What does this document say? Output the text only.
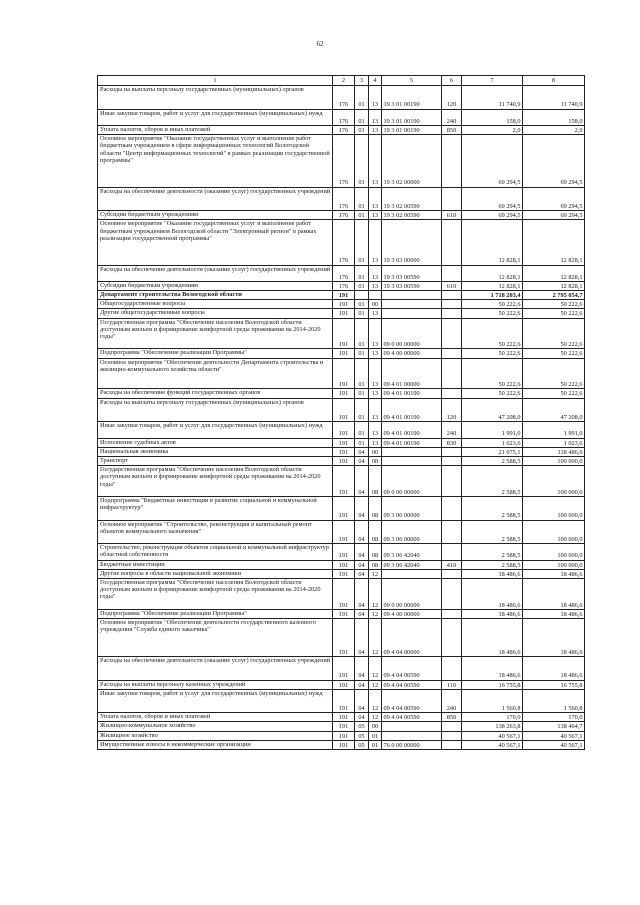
62
1	2	3	4	5	6	7	8
Расходы на выплаты персоналу государственных (муниципальных) органов	176	01	13	19 3 01 00190	120	11 740,9	11 740,9
Иные закупки товаров, работ и услуг для государственных (муниципальных) нужд	176	01	13	19 3 01 00190	240	158,0	158,0
Уплата налогов, сборов и иных платежей	176	01	13	19 3 01 00190	850	2,0	2,0
Основное мероприятие "Оказание государственных услуг и выполнение работ бюджетным учреждением в сфере информационных технологий Вологодской области "Центр информационных технологий" в рамках реализации государственной программы"	176	01	13	19 3 02 00000		69 294,5	69 294,5
Расходы на обеспечение деятельности (оказание услуг) государственных учреждений	176	01	13	19 3 02 00590		69 294,5	69 294,5
Субсидии бюджетным учреждениям	176	01	13	19 3 02 00590	610	69 294,5	69 294,5
Основное мероприятие "Оказание государственных услуг и выполнение работ бюджетным учреждением Вологодской области "Электронный регион" в рамках реализации государственной программы"	176	01	13	19 3 03 00000		12 828,1	12 828,1
Расходы на обеспечение деятельности (оказание услуг) государственных учреждений	176	01	13	19 3 03 00590		12 828,1	12 828,1
Субсидии бюджетным учреждениям	176	01	13	19 3 03 00590	610	12 828,1	12 828,1
Департамент строительства Вологодской области	191					1 718 203,4	2 795 054,7
Общегосударственные вопросы	191	01	00			50 222,6	50 222,6
Другие общегосударственные вопросы	191	01	13			50 222,6	50 222,6
Государственная программа "Обеспечение населения Вологодской области доступным жильем и формирование комфортной среды проживания на 2014-2020 годы"	191	01	13	09 0 00 00000		50 222,6	50 222,6
Подпрограмма "Обеспечение реализации Программы"	191	01	13	09 4 00 00000		50 222,6	50 222,6
Основное мероприятие "Обеспечение деятельности Департамента строительства и жилищно-коммунального хозяйства области"	191	01	13	09 4 01 00000		50 222,6	50 222,6
Расходы на обеспечение функций государственных органов	191	01	13	09 4 01 00190		50 222,6	50 222,6
Расходы на выплаты персоналу государственных (муниципальных) органов	191	01	13	09 4 01 00190	120	47 208,0	47 208,0
Иные закупки товаров, работ и услуг для государственных (муниципальных) нужд	191	01	13	09 4 01 00190	240	1 991,0	1 991,0
Исполнение судебных актов	191	01	13	09 4 01 00190	830	1 023,6	1 023,6
Национальная экономика	191	04	00			21 075,1	118 486,6
Транспорт	191	04	08			2 588,5	100 000,0
Государственная программа "Обеспечение населения Вологодской области доступным жильем и формирование комфортной среды проживания на 2014-2020 годы"	191	04	08	09 0 00 00000		2 588,5	100 000,0
Подпрограмма "Бюджетные инвестиции в развитие социальной и коммунальной инфраструктур"	191	04	08	09 3 00 00000		2 588,5	100 000,0
Основное мероприятие "Строительство, реконструкция и капитальный ремонт объектов коммунального назначения"	191	04	08	09 3 06 00000		2 588,5	100 000,0
Строительство, реконструкция объектов социальной и коммунальной инфраструктур областной собственности	191	04	08	09 3 06 42040		2 588,5	100 000,0
Бюджетные инвестиции	191	04	08	09 3 06 42040	410	2 588,5	100 000,0
Другие вопросы в области национальной экономики	191	04	12			18 486,6	18 486,6
Государственная программа "Обеспечение населения Вологодской области доступным жильем и формирование комфортной среды проживания на 2014-2020 годы"	191	04	12	09 0 00 00000		18 486,6	18 486,6
Подпрограмма "Обеспечение реализации Программы"	191	04	12	09 4 00 00000		18 486,6	18 486,6
Основное мероприятие "Обеспечение деятельности государственного казенного учреждения "Служба единого заказчика"	191	04	12	09 4 04 00000		18 486,6	18 486,6
Расходы на обеспечение деятельности (оказание услуг) государственных учреждений	191	04	12	09 4 04 00590		18 486,6	18 486,6
Расходы на выплаты персоналу казенных учреждений	191	04	12	09 4 04 00590	110	16 755,8	16 755,8
Иные закупки товаров, работ и услуг для государственных (муниципальных) нужд	191	04	12	09 4 04 00590	240	1 560,8	1 560,8
Уплата налогов, сборов и иных платежей	191	04	12	09 4 04 00590	850	170,0	170,0
Жилищно-коммунальное хозяйство	191	05	00			138 263,8	138 464,7
Жилищное хозяйство	191	05	01			40 567,1	40 567,1
Имущественные взносы в некоммерческие организации	191	05	01	76 0 00 00000		40 567,1	40 567,1
